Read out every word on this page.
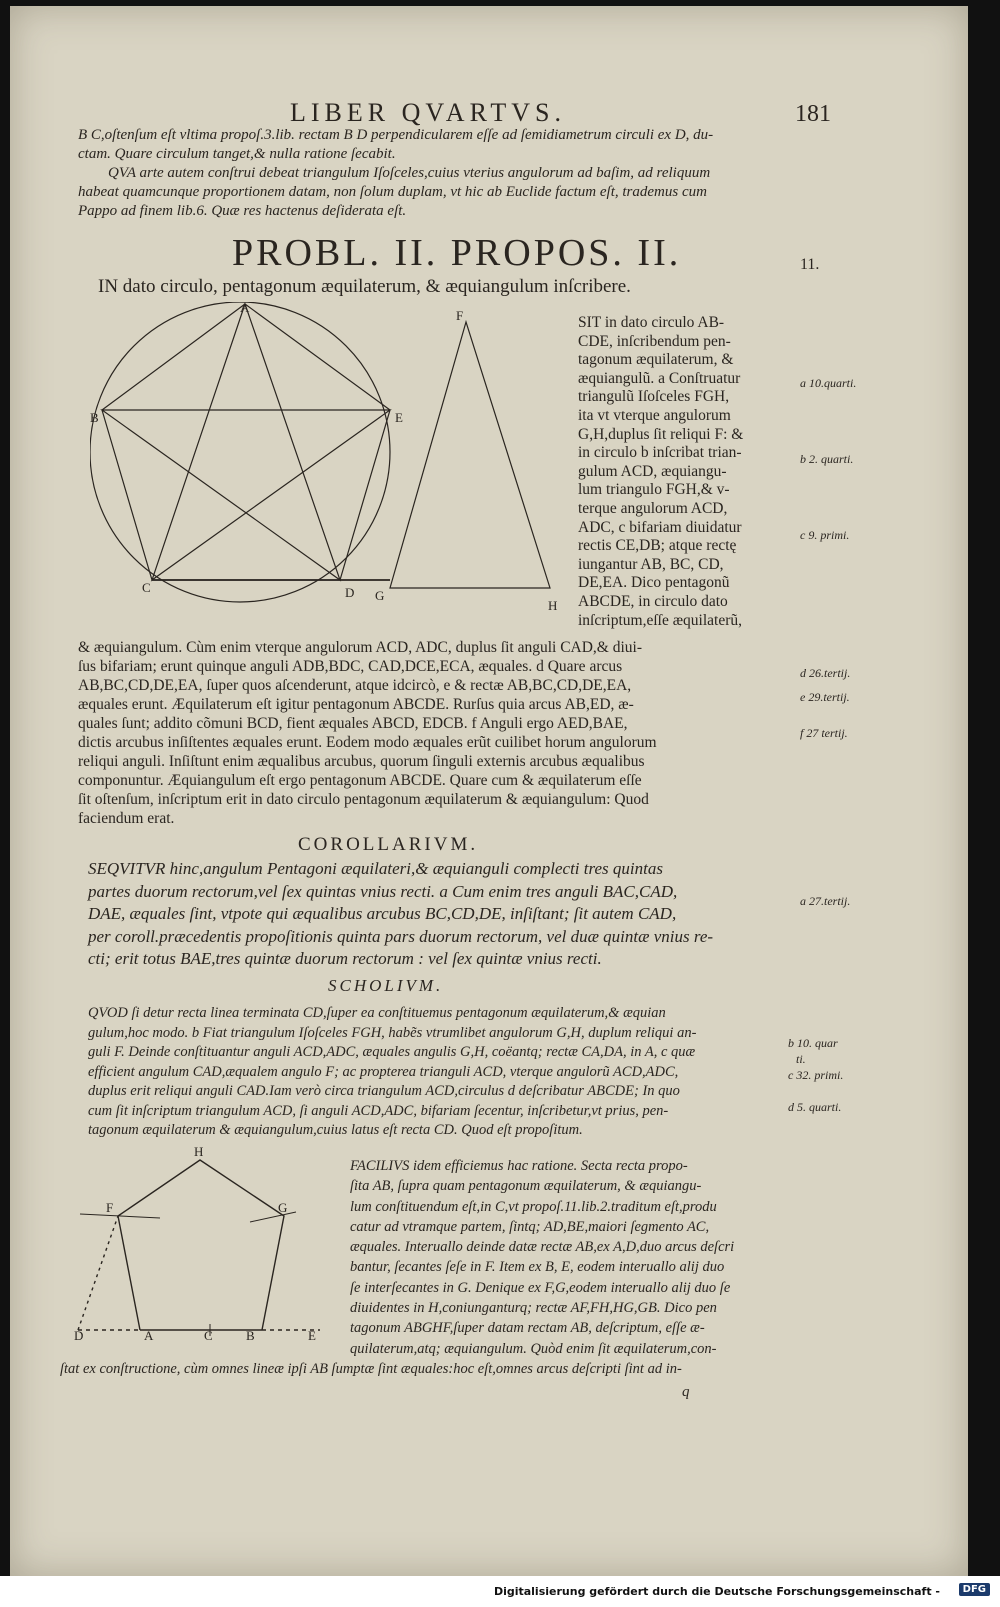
LIBER QVARTVS.	181
B C,oſtenſum eſt vltima propoſ.3.lib. rectam B D perpendicularem eſſe ad ſemidiametrum circuli ex D, du-
ctam. Quare circulum tanget,& nulla ratione ſecabit.
QVA arte autem conſtrui debeat triangulum Iſoſceles,cuius vterius angulorum ad baſim, ad reliquum
habeat quamcunque proportionem datam, non ſolum duplam, vt hic ab Euclide factum eſt, trademus cum
Pappo ad finem lib.6. Quæ res hactenus deſiderata eſt.
PROBL. II. PROPOS. II.	11.
IN dato circulo, pentagonum æquilaterum, & æquiangulum inſcribere.
A
B
C	D
E
F
G
H
SIT in dato circulo AB-
CDE, inſcribendum pen-
tagonum æquilaterum, &
æquiangulũ. a Conſtruatur
triangulũ Iſoſceles FGH,
ita vt vterque angulorum
G,H,duplus ſit reliqui F: &
in circulo b inſcribat trian-
gulum ACD, æquiangu-
lum triangulo FGH,& v-
terque angulorum ACD,
ADC, c bifariam diuidatur
rectis CE,DB; atque rectę
iungantur AB, BC, CD,
DE,EA. Dico pentagonũ
ABCDE, in circulo dato
inſcriptum,eſſe æquilaterũ,
a 10.quarti.
b 2. quarti.
c 9. primi.
d 26.tertij.
e 29.tertij.
f 27 tertij.
& æquiangulum. Cùm enim vterque angulorum ACD, ADC, duplus ſit anguli CAD,& diui-
ſus bifariam; erunt quinque anguli ADB,BDC, CAD,DCE,ECA, æquales. d Quare arcus
AB,BC,CD,DE,EA, ſuper quos aſcenderunt, atque idcircò, e & rectæ AB,BC,CD,DE,EA,
æquales erunt. Æquilaterum eſt igitur pentagonum ABCDE. Rurſus quia arcus AB,ED, æ-
quales ſunt; addito cõmuni BCD, fient æquales ABCD, EDCB. f Anguli ergo AED,BAE,
dictis arcubus inſiſtentes æquales erunt. Eodem modo æquales erũt cuilibet horum angulorum
reliqui anguli. Inſiſtunt enim æqualibus arcubus, quorum ſinguli externis arcubus æqualibus
componuntur. Æquiangulum eſt ergo pentagonum ABCDE. Quare cum & æquilaterum eſſe
ſit oſtenſum, inſcriptum erit in dato circulo pentagonum æquilaterum & æquiangulum: Quod
faciendum erat.
COROLLARIVM.
SEQVITVR hinc,angulum Pentagoni æquilateri,& æquianguli complecti tres quintas
partes duorum rectorum,vel ſex quintas vnius recti. a Cum enim tres anguli BAC,CAD,
DAE, æquales ſint, vtpote qui æqualibus arcubus BC,CD,DE, inſiſtant; ſit autem CAD,
per coroll.præcedentis propoſitionis quinta pars duorum rectorum, vel duæ quintæ vnius re-
cti; erit totus BAE,tres quintæ duorum rectorum : vel ſex quintæ vnius recti.
a 27.tertij.
SCHOLIVM.
QVOD ſi detur recta linea terminata CD,ſuper ea conſtituemus pentagonum æquilaterum,& æquian
gulum,hoc modo. b Fiat triangulum Iſoſceles FGH, habẽs vtrumlibet angulorum G,H, duplum reliqui an-
guli F. Deinde conſtituantur anguli ACD,ADC, æquales angulis G,H, coëantq; rectæ CA,DA, in A, c quæ
efficient angulum CAD,æqualem angulo F; ac propterea trianguli ACD, vterque angulorũ ACD,ADC,
duplus erit reliqui anguli CAD.Iam verò circa triangulum ACD,circulus d deſcribatur ABCDE; In quo
cum ſit inſcriptum triangulum ACD, ſi anguli ACD,ADC, bifariam ſecentur, inſcribetur,vt prius, pen-
tagonum æquilaterum & æquiangulum,cuius latus eſt recta CD. Quod eſt propoſitum.
b 10. quar
ti.
c 32. primi.
d 5. quarti.
H
F	G
D	A	C	B	E
FACILIVS idem efficiemus hac ratione. Secta recta propo-
ſita AB, ſupra quam pentagonum æquilaterum, & æquiangu-
lum conſtituendum eſt,in C,vt propoſ.11.lib.2.traditum eſt,produ
catur ad vtramque partem, ſintq; AD,BE,maiori ſegmento AC,
æquales. Interuallo deinde datæ rectæ AB,ex A,D,duo arcus deſcri
bantur, ſecantes ſeſe in F. Item ex B, E, eodem interuallo alij duo
ſe interſecantes in G. Denique ex F,G,eodem interuallo alij duo ſe
diuidentes in H,coniunganturq; rectæ AF,FH,HG,GB. Dico pen
tagonum ABGHF,ſuper datam rectam AB, deſcriptum, eſſe æ-
quilaterum,atq; æquiangulum. Quòd enim ſit æquilaterum,con-
ſtat ex conſtructione, cùm omnes lineæ ipſi AB ſumptæ ſint æquales:hoc eſt,omnes arcus deſcripti ſint ad in-
q
Digitalisierung gefördert durch die Deutsche Forschungsgemeinschaft -	DFG
